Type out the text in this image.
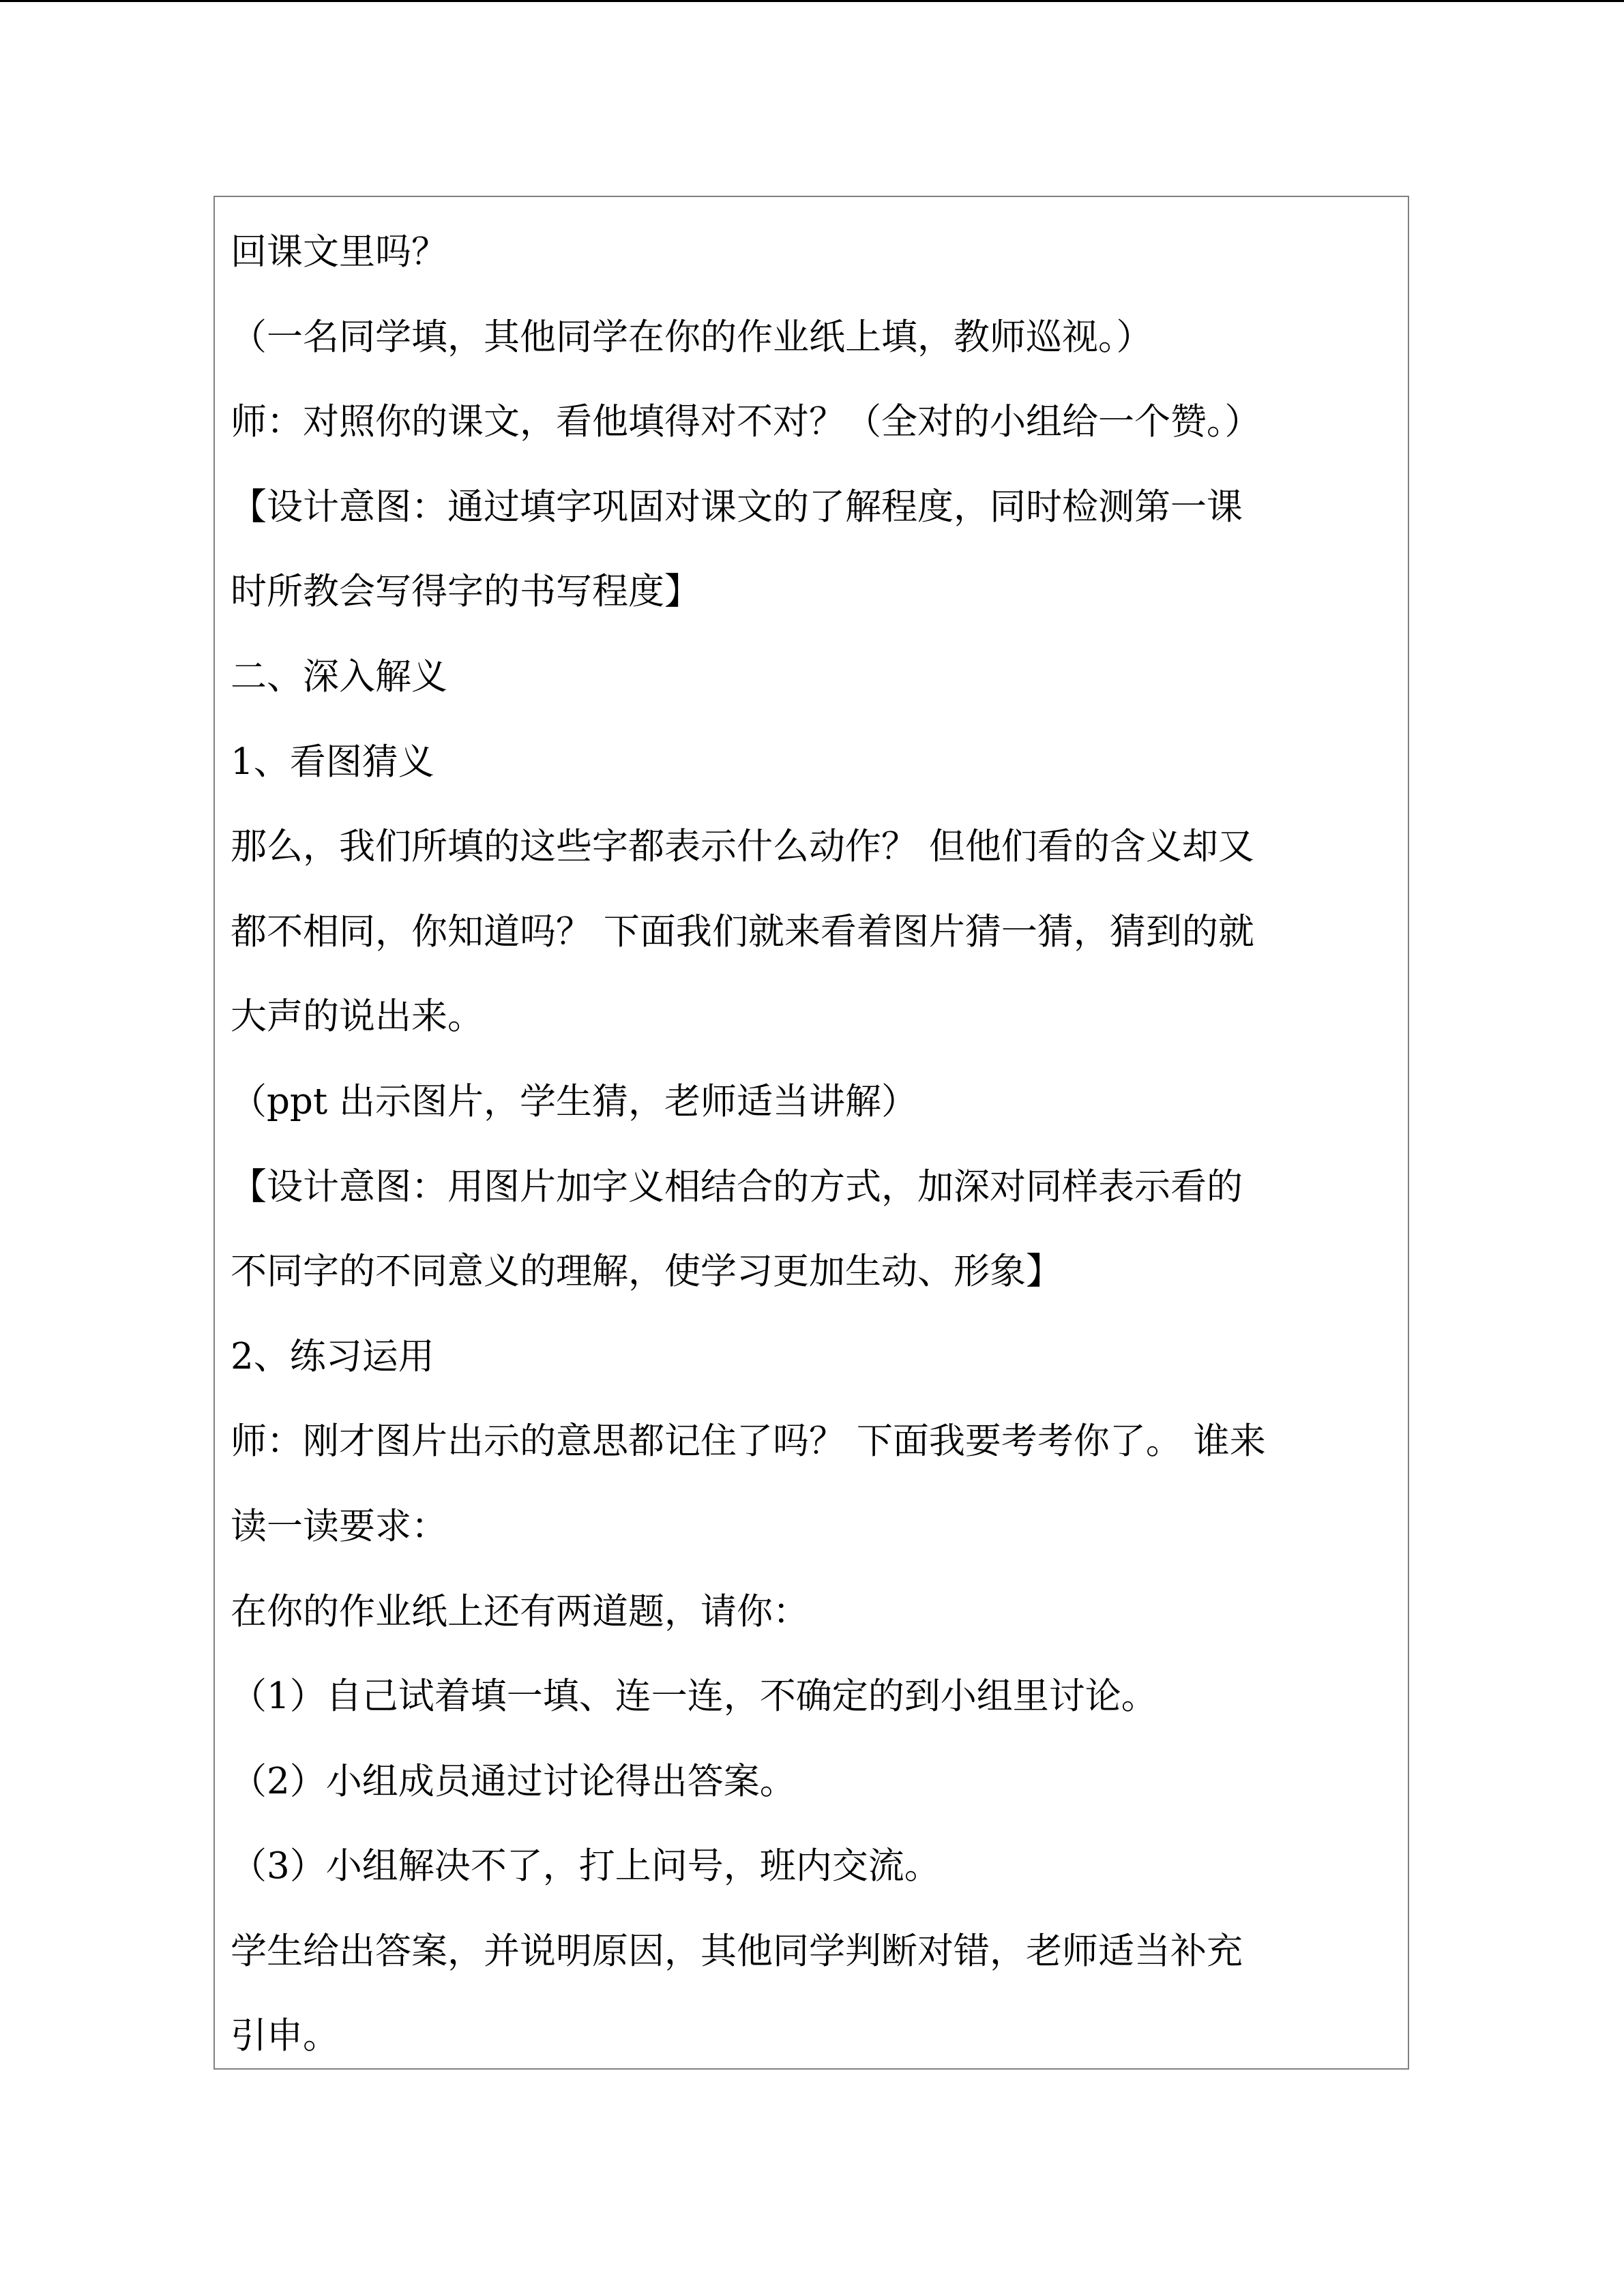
回课文里吗？

（一名同学填，其他同学在你的作业纸上填，教师巡视。）

师：对照你的课文，看他填得对不对？（全对的小组给一个赞。）

【设计意图：通过填字巩固对课文的了解程度，同时检测第一课

时所教会写得字的书写程度】

二、深入解义

1、看图猜义

那么，我们所填的这些字都表示什么动作？ 但他们看的含义却又

都不相同，你知道吗？ 下面我们就来看着图片猜一猜，猜到的就

大声的说出来。

（ppt 出示图片，学生猜，老师适当讲解）

【设计意图：用图片加字义相结合的方式，加深对同样表示看的

不同字的不同意义的理解，使学习更加生动、形象】

2、练习运用

师：刚才图片出示的意思都记住了吗？ 下面我要考考你了。 谁来

读一读要求：

在你的作业纸上还有两道题，请你：

（1）自己试着填一填、连一连，不确定的到小组里讨论。

（2）小组成员通过讨论得出答案。

（3）小组解决不了，打上问号，班内交流。

学生给出答案，并说明原因，其他同学判断对错，老师适当补充

引申。
